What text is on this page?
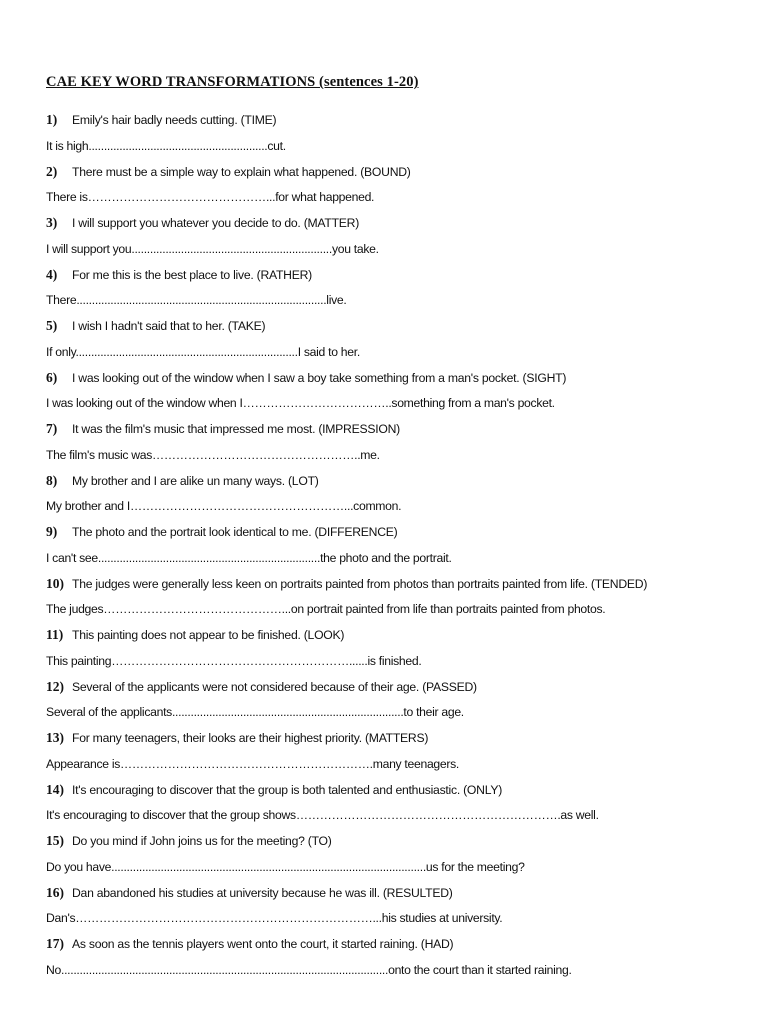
CAE KEY WORD TRANSFORMATIONS (sentences 1-20)
1) Emily's hair badly needs cutting. (TIME)
It is high..........................................................cut.
2) There must be a simple way to explain what happened. (BOUND)
There is………………………………………...for what happened.
3) I will support you whatever you decide to do. (MATTER)
I will support you.................................................................you take.
4) For me this is the best place to live. (RATHER)
There.................................................................................live.
5) I wish I hadn't said that to her. (TAKE)
If only........................................................................I said to her.
6) I was looking out of the window when I saw a boy take something from a man's pocket. (SIGHT)
I was looking out of the window when I………………………………..something from a man's pocket.
7) It was the film's music that impressed me most. (IMPRESSION)
The film's music was……………………………………………..me.
8) My brother and I are alike un many ways. (LOT)
My brother and I………………………………………………...common.
9) The photo and the portrait look identical to me. (DIFFERENCE)
I can't see........................................................................the photo and the portrait.
10) The judges were generally less keen on portraits painted from photos than portraits painted from life. (TENDED)
The judges………………………………………...on portrait painted from life than portraits painted from photos.
11) This painting does not appear to be finished. (LOOK)
This painting……………………………………………………......is finished.
12) Several of the applicants were not considered because of their age. (PASSED)
Several of the applicants...........................................................................to their age.
13) For many teenagers, their looks are their highest priority. (MATTERS)
Appearance is……………………………………………………….many teenagers.
14) It's encouraging to discover that the group is both talented and enthusiastic. (ONLY)
It's encouraging to discover that the group shows………………………………………………………….as well.
15) Do you mind if John joins us for the meeting? (TO)
Do you have......................................................................................................us for the meeting?
16) Dan abandoned his studies at university because he was ill. (RESULTED)
Dan's…………………………………………………………………...his studies at university.
17) As soon as the tennis players went onto the court, it started raining. (HAD)
No..........................................................................................................onto the court than it started raining.
